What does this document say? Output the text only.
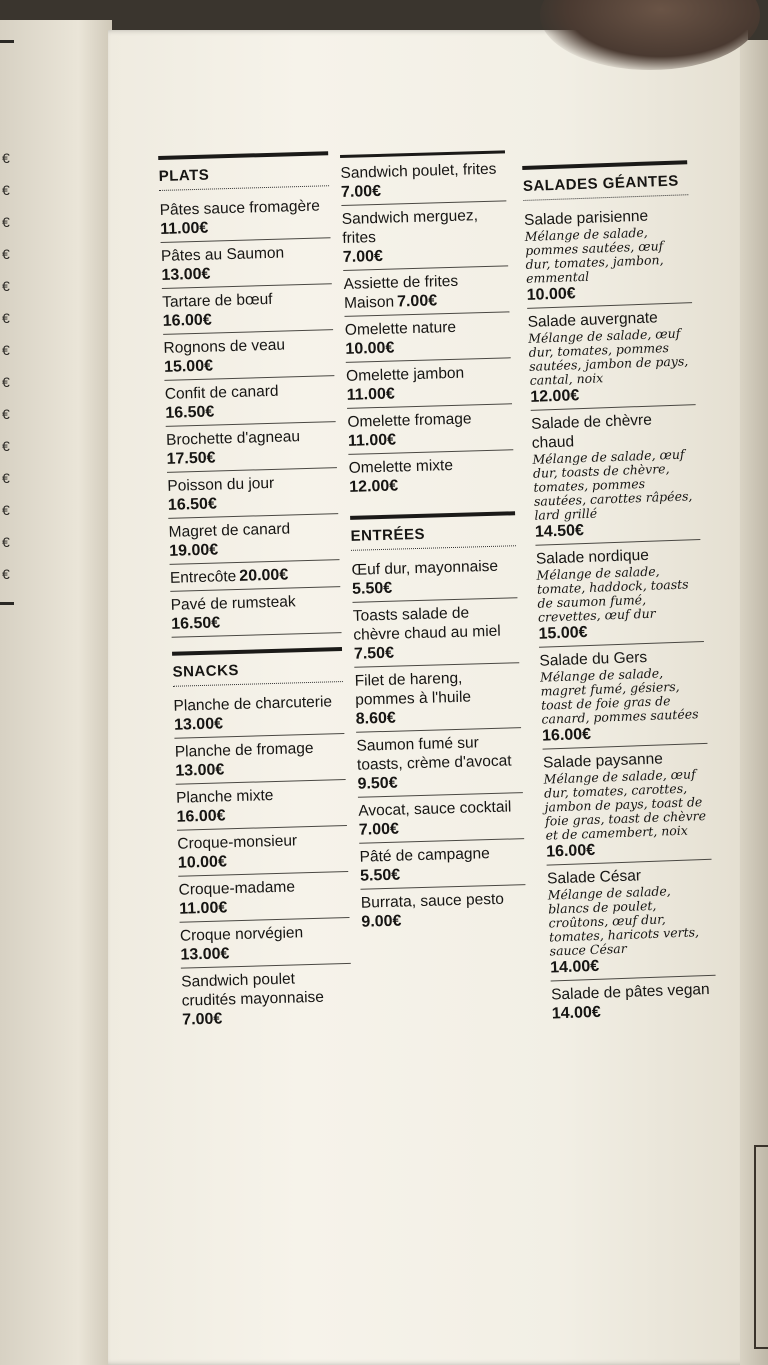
€
€
€
€
€
€
€
€
€
€
€
€
€
€
PLATS
Pâtes sauce fromagère
11.00€
Pâtes au Saumon
13.00€
Tartare de bœuf
16.00€
Rognons de veau
15.00€
Confit de canard
16.50€
Brochette d'agneau
17.50€
Poisson du jour
16.50€
Magret de canard
19.00€
Entrecôte 20.00€
Pavé de rumsteak
16.50€
SNACKS
Planche de charcuterie
13.00€
Planche de fromage
13.00€
Planche mixte
16.00€
Croque-monsieur
10.00€
Croque-madame
11.00€
Croque norvégien
13.00€
Sandwich poulet crudités mayonnaise
7.00€
Sandwich poulet, frites
7.00€
Sandwich merguez, frites
7.00€
Assiette de frites Maison 7.00€
Omelette nature
10.00€
Omelette jambon
11.00€
Omelette fromage
11.00€
Omelette mixte
12.00€
ENTRÉES
Œuf dur, mayonnaise
5.50€
Toasts salade de chèvre chaud au miel
7.50€
Filet de hareng, pommes à l'huile
8.60€
Saumon fumé sur toasts, crème d'avocat
9.50€
Avocat, sauce cocktail
7.00€
Pâté de campagne
5.50€
Burrata, sauce pesto
9.00€
SALADES GÉANTES
Salade parisienne
Mélange de salade, pommes sautées, œuf dur, tomates, jambon, emmental
10.00€
Salade auvergnate
Mélange de salade, œuf dur, tomates, pommes sautées, jambon de pays, cantal, noix
12.00€
Salade de chèvre chaud
Mélange de salade, œuf dur, toasts de chèvre, tomates, pommes sautées, carottes râpées, lard grillé
14.50€
Salade nordique
Mélange de salade, tomate, haddock, toasts de saumon fumé, crevettes, œuf dur
15.00€
Salade du Gers
Mélange de salade, magret fumé, gésiers, toast de foie gras de canard, pommes sautées
16.00€
Salade paysanne
Mélange de salade, œuf dur, tomates, carottes, jambon de pays, toast de foie gras, toast de chèvre et de camembert, noix
16.00€
Salade César
Mélange de salade, blancs de poulet, croûtons, œuf dur, tomates, haricots verts, sauce César
14.00€
Salade de pâtes vegan
14.00€
